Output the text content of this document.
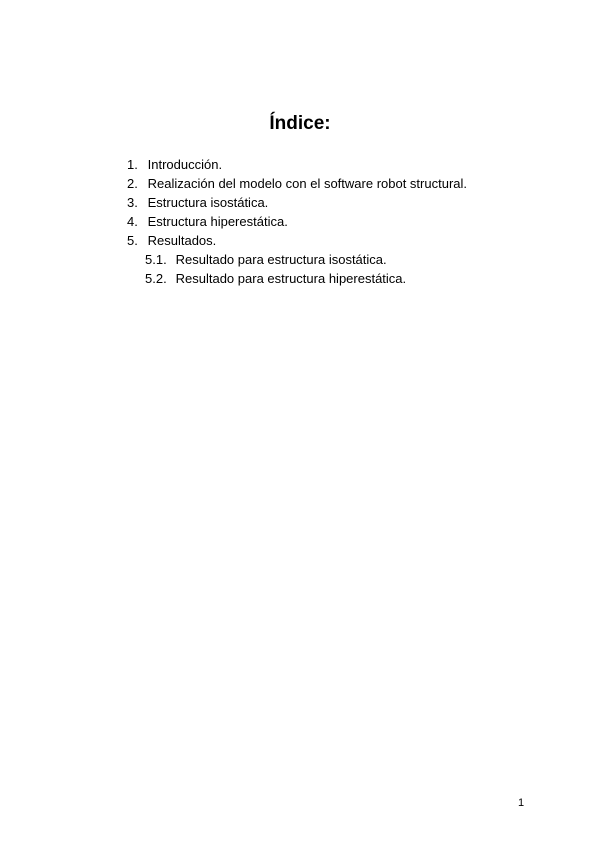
Índice:
1. Introducción.
2. Realización del modelo con el software robot structural.
3. Estructura isostática.
4. Estructura hiperestática.
5. Resultados.
5.1. Resultado para estructura isostática.
5.2. Resultado para estructura hiperestática.
1
